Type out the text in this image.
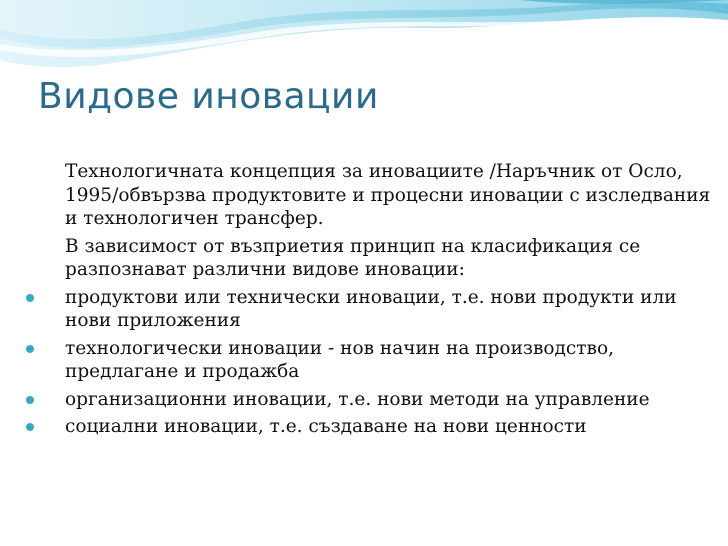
Видове иновации
Технологичната концепция за иновациите /Наръчник от Осло, 1995/обвързва продуктовите и процесни иновации с изследвания и технологичен трансфер.
В зависимост от възприетия принцип на класификация се разпознават различни видове иновации:
продуктови или технически иновации, т.е. нови продукти или нови приложения
технологически иновации - нов начин на производство, предлагане и продажба
организационни иновации, т.е. нови методи на управление
социални иновации, т.е. създаване на нови ценности
